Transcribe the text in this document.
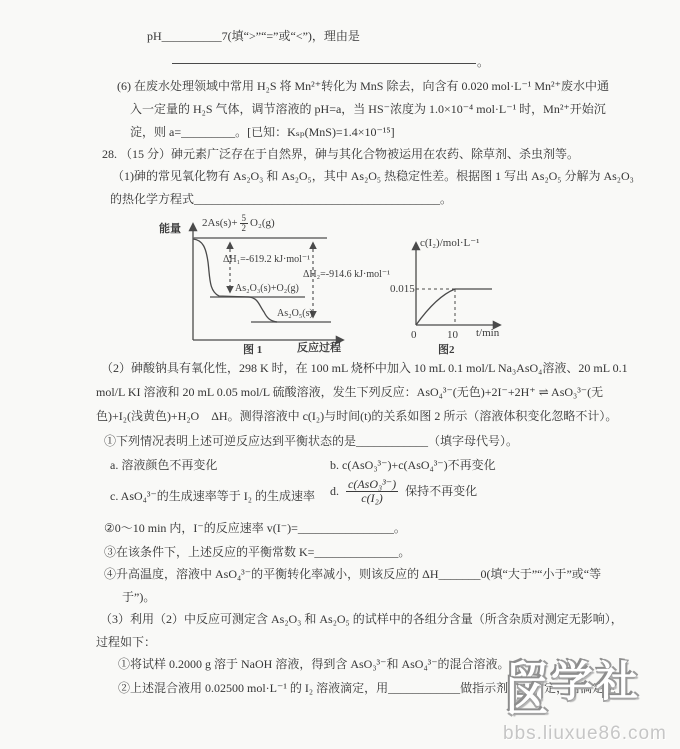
pH__________7(填“>”“=”或“<”)，理由是
。
(6) 在废水处理领域中常用 H₂S 将 Mn²⁺转化为 MnS 除去，向含有 0.020 mol·L⁻¹ Mn²⁺废水中通
入一定量的 H₂S 气体，调节溶液的 pH=a，当 HS⁻浓度为 1.0×10⁻⁴ mol·L⁻¹ 时，Mn²⁺开始沉
淀，则 a=_________。[已知：Kₛₚ(MnS)=1.4×10⁻¹⁵]
28. （15 分）砷元素广泛存在于自然界，砷与其化合物被运用在农药、除草剂、杀虫剂等。
（1)砷的常见氧化物有 As₂O₃ 和 As₂O₅，其中 As₂O₅ 热稳定性差。根据图 1 写出 As₂O₅ 分解为 As₂O₃
的热化学方程式_________________________________________。
能量 $2As(s)+ \frac{5}{2} O_2(g)$
ΔH₁=-619.2 kJ·mol⁻¹
ΔH₂=-914.6 kJ·mol⁻¹
As₂O₃(s)+O₂(g)
As₂O₅(s)
图 1	反应过程
c(I₂)/mol·L⁻¹
0.015
0	10 t/min
图2
（2）砷酸钠具有氧化性，298 K 时，在 100 mL 烧杯中加入 10 mL 0.1 mol/L Na₃AsO₄溶液、20 mL 0.1
mol/L KI 溶液和 20 mL 0.05 mol/L 硫酸溶液，发生下列反应：AsO₄³⁻(无色)+2I⁻+2H⁺ ⇌ AsO₃³⁻(无
色)+I₂(浅黄色)+H₂O　ΔH。测得溶液中 c(I₂)与时间(t)的关系如图 2 所示（溶液体积变化忽略不计）。
①下列情况表明上述可逆反应达到平衡状态的是____________（填字母代号）。
a. 溶液颜色不再变化	b. c(AsO₃³⁻)+c(AsO₄³⁻)不再变化
c. AsO₄³⁻的生成速率等于 I₂ 的生成速率 d. $\frac{\text{c(AsO₃³⁻)}}{\text{c(I₂)}}$ 保持不再变化
②0～10 min 内，I⁻的反应速率 v(I⁻)=________________。
③在该条件下，上述反应的平衡常数 K=______________。
④升高温度，溶液中 AsO₄³⁻的平衡转化率减小，则该反应的 ΔH_______0(填“大于”“小于”或“等
于”)。
（3）利用（2）中反应可测定含 As₂O₃ 和 As₂O₅ 的试样中的各组分含量（所含杂质对测定无影响），
过程如下：
①将试样 0.2000 g 溶于 NaOH 溶液，得到含 AsO₃³⁻和 AsO₄³⁻的混合溶液。
②上述混合液用 0.02500 mol·L⁻¹ 的 I₂ 溶液滴定，用____________做指示剂进行滴定，当滴定至
留学社区
bbs.liuxue86.com
